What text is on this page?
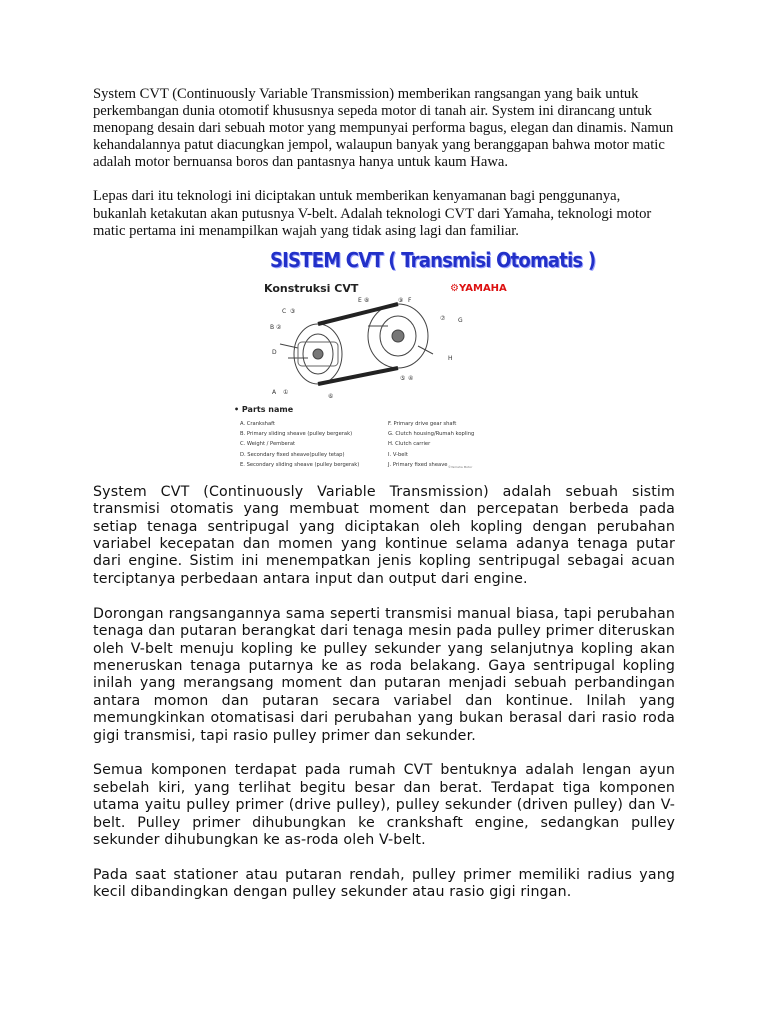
System CVT (Continuously Variable Transmission) memberikan rangsangan yang baik untuk perkembangan dunia otomotif khususnya sepeda motor di tanah air. System ini dirancang untuk menopang desain dari sebuah motor yang mempunyai performa bagus, elegan dan dinamis. Namun kehandalannya patut diacungkan jempol, walaupun banyak yang beranggapan bahwa motor matic adalah motor bernuansa boros dan pantasnya hanya untuk kaum Hawa.

Lepas dari itu teknologi ini diciptakan untuk memberikan kenyamanan bagi penggunanya, bukanlah ketakutan akan putusnya V-belt. Adalah teknologi CVT dari Yamaha, teknologi motor matic pertama ini menampilkan wajah yang tidak asing lagi dan familiar.

SISTEM CVT ( Transmisi Otomatis )
Konstruksi CVT	⚙YAMAHA
C ③
B ②
D
A ①
E ⑧	⑨ F
⑦ G
H
⑤ ④
⑥
• Parts name
A. Crankshaft
B. Primary sliding sheave (pulley bergerak)
C. Weight / Pemberat
D. Secondary fixed sheave(pulley tetap)
E. Secondary sliding sheave (pulley bergerak)
F. Primary drive gear shaft
G. Clutch housing/Rumah kopling
H. Clutch carrier
I. V-belt
J. Primary fixed sheave ©Yamaha Motor

System CVT (Continuously Variable Transmission) adalah sebuah sistim transmisi otomatis yang membuat moment dan percepatan berbeda pada setiap tenaga sentripugal yang diciptakan oleh kopling dengan perubahan variabel kecepatan dan momen yang kontinue selama adanya tenaga putar dari engine. Sistim ini menempatkan jenis kopling sentripugal sebagai acuan terciptanya perbedaan antara input dan output dari engine.

Dorongan rangsangannya sama seperti transmisi manual biasa, tapi perubahan tenaga dan putaran berangkat dari tenaga mesin pada pulley primer diteruskan oleh V-belt menuju kopling ke pulley sekunder yang selanjutnya kopling akan meneruskan tenaga putarnya ke as roda belakang. Gaya sentripugal kopling inilah yang merangsang moment dan putaran menjadi sebuah perbandingan antara momon dan putaran secara variabel dan kontinue. Inilah yang memungkinkan otomatisasi dari perubahan yang bukan berasal dari rasio roda gigi transmisi, tapi rasio pulley primer dan sekunder.

Semua komponen terdapat pada rumah CVT bentuknya adalah lengan ayun sebelah kiri, yang terlihat begitu besar dan berat. Terdapat tiga komponen utama yaitu pulley primer (drive pulley), pulley sekunder (driven pulley) dan V-belt. Pulley primer dihubungkan ke crankshaft engine, sedangkan pulley sekunder dihubungkan ke as-roda oleh V-belt.

Pada saat stationer atau putaran rendah, pulley primer memiliki radius yang kecil dibandingkan dengan pulley sekunder atau rasio gigi ringan.
